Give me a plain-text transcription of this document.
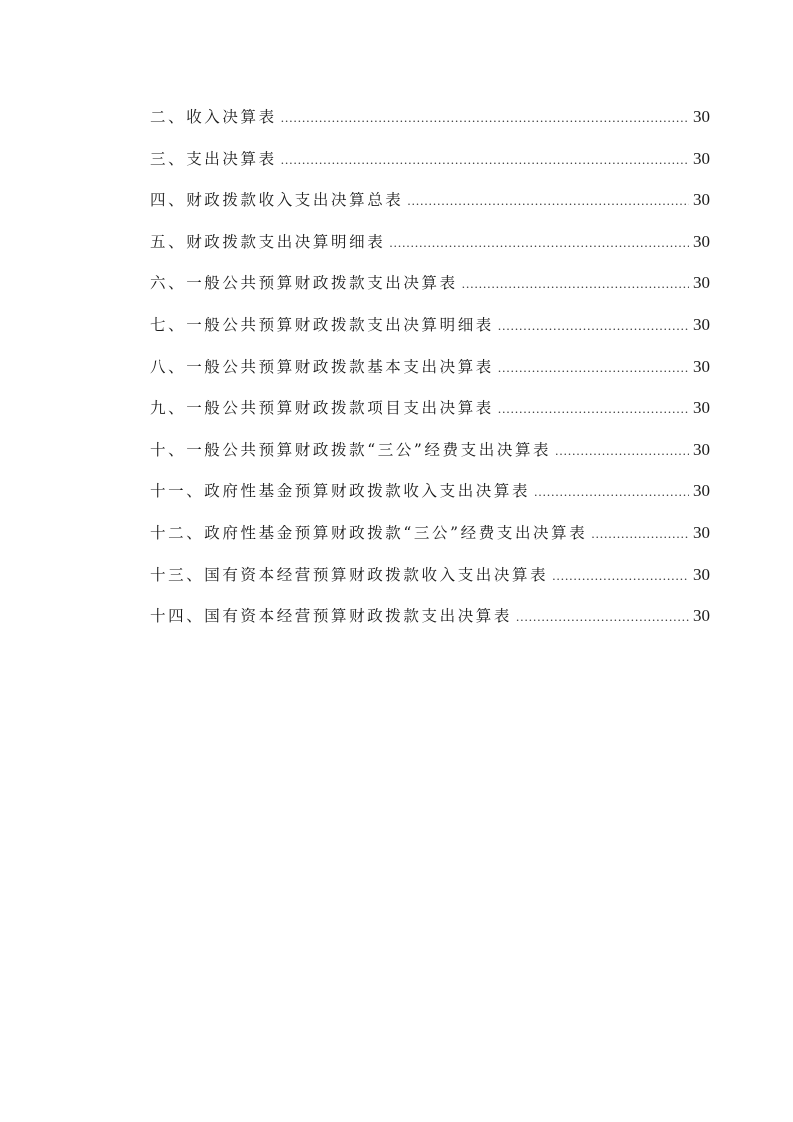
二、收入决算表 .....	30
三、支出决算表 .....	30
四、财政拨款收入支出决算总表 .....	30
五、财政拨款支出决算明细表 .....	30
六、一般公共预算财政拨款支出决算表 .....	30
七、一般公共预算财政拨款支出决算明细表 .....	30
八、一般公共预算财政拨款基本支出决算表 .....	30
九、一般公共预算财政拨款项目支出决算表 .....	30
十、一般公共预算财政拨款“三公”经费支出决算表 .....	30
十一、政府性基金预算财政拨款收入支出决算表 .....	30
十二、政府性基金预算财政拨款“三公”经费支出决算表 .....	30
十三、国有资本经营预算财政拨款收入支出决算表 .....	30
十四、国有资本经营预算财政拨款支出决算表 .....	30
